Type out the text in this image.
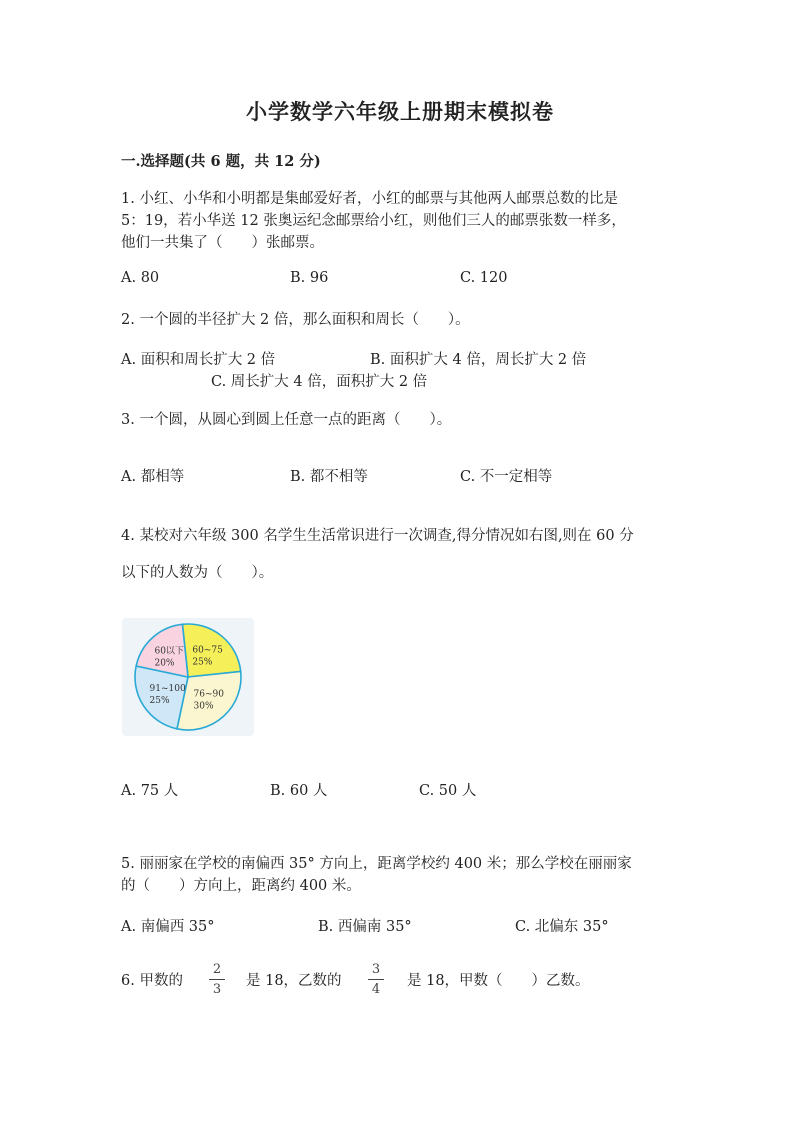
小学数学六年级上册期末模拟卷
一.选择题(共 6 题，共 12 分)
1. 小红、小华和小明都是集邮爱好者，小红的邮票与其他两人邮票总数的比是
5：19，若小华送 12 张奥运纪念邮票给小红，则他们三人的邮票张数一样多，
他们一共集了（　　）张邮票。
A. 80	B. 96	C. 120
2. 一个圆的半径扩大 2 倍，那么面积和周长（　　）。
A. 面积和周长扩大 2 倍	B. 面积扩大 4 倍，周长扩大 2 倍
C. 周长扩大 4 倍，面积扩大 2 倍
3. 一个圆，从圆心到圆上任意一点的距离（　　）。
A. 都相等	B. 都不相等	C. 不一定相等
4. 某校对六年级 300 名学生生活常识进行一次调查,得分情况如右图,则在 60 分
以下的人数为（　　）。
60~75
25%
76~90
30%
91~100
25%
60以下
20%
A. 75 人	B. 60 人	C. 50 人
5. 丽丽家在学校的南偏西 35° 方向上，距离学校约 400 米；那么学校在丽丽家
的（　　）方向上，距离约 400 米。
A. 南偏西 35°	B. 西偏南 35°	C. 北偏东 35°
6. 甲数的
2
3
是 18，乙数的
3
4
是 18，甲数（　　）乙数。
